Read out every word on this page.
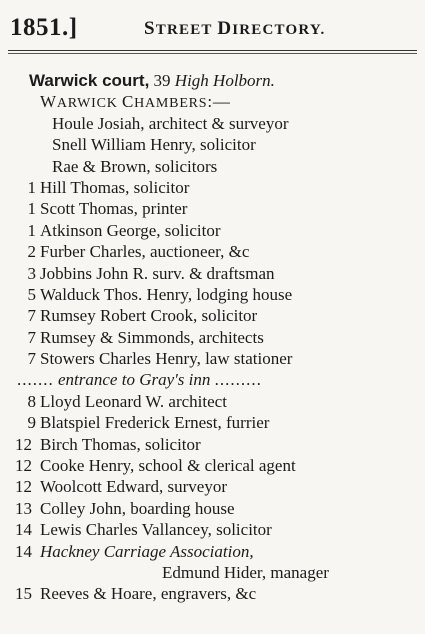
1851.]	STREET DIRECTORY.
Warwick court, 39 High Holborn.
WARWICK CHAMBERS:—
Houle Josiah, architect & surveyor
Snell William Henry, solicitor
Rae & Brown, solicitors
1 Hill Thomas, solicitor
1 Scott Thomas, printer
1 Atkinson George, solicitor
2 Furber Charles, auctioneer, &c
3 Jobbins John R. surv. & draftsman
5 Walduck Thos. Henry, lodging house
7 Rumsey Robert Crook, solicitor
7 Rumsey & Simmonds, architects
7 Stowers Charles Henry, law stationer
....... entrance to Gray's inn .........
8 Lloyd Leonard W. architect
9 Blatspiel Frederick Ernest, furrier
12 Birch Thomas, solicitor
12 Cooke Henry, school & clerical agent
12 Woolcott Edward, surveyor
13 Colley John, boarding house
14 Lewis Charles Vallancey, solicitor
14 Hackney Carriage Association,
Edmund Hider, manager
15 Reeves & Hoare, engravers, &c
